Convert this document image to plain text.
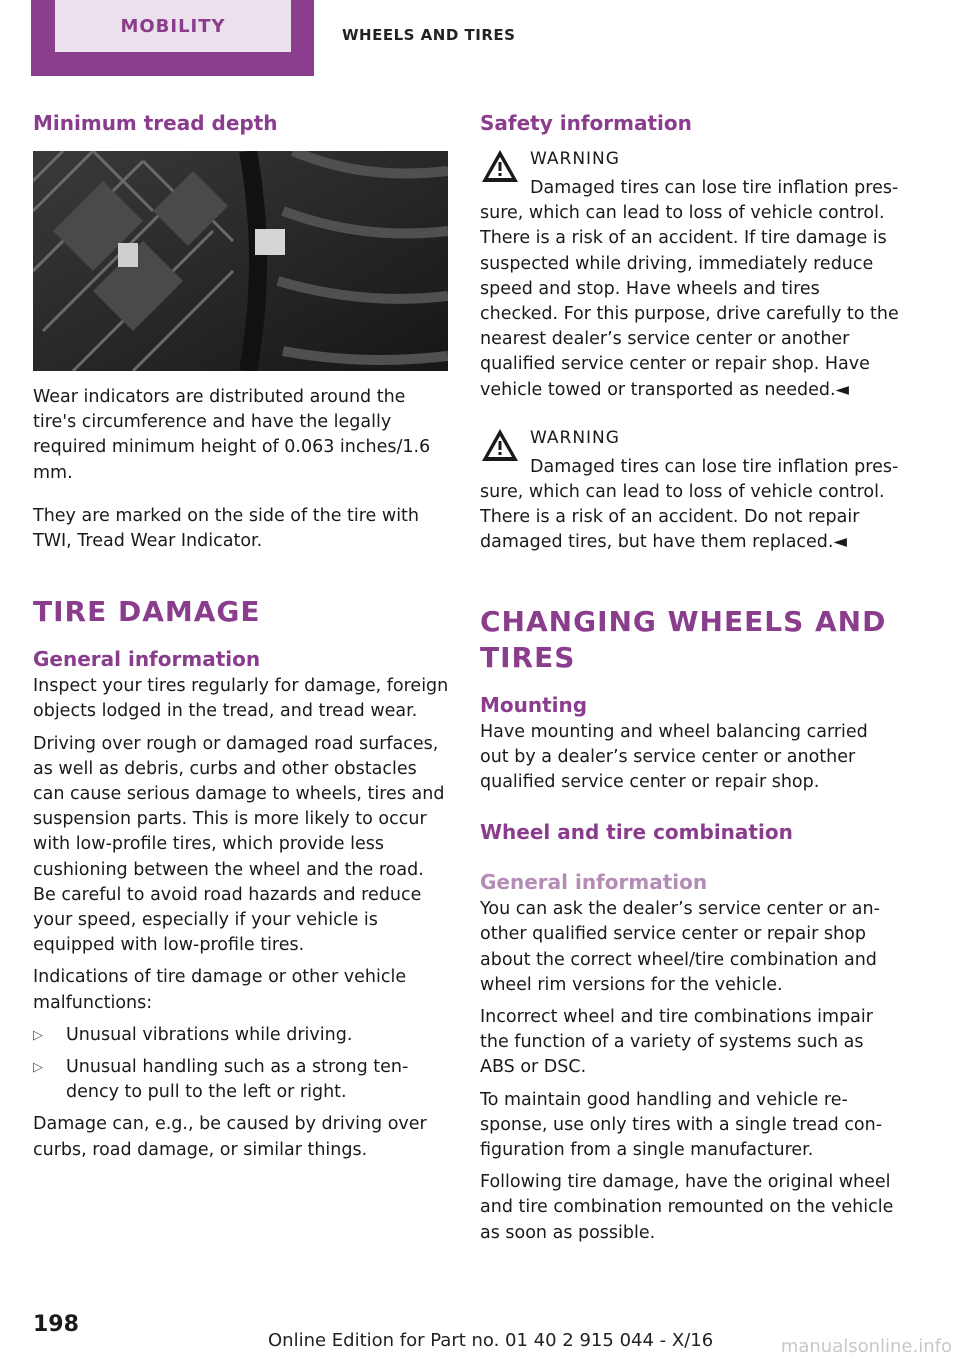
MOBILITY	WHEELS AND TIRES
Minimum tread depth

Wear indicators are distributed around the tire's circumference and have the legally required minimum height of 0.063 inches/1.6 mm.

They are marked on the side of the tire with TWI, Tread Wear Indicator.

TIRE DAMAGE
General information

Inspect your tires regularly for damage, foreign objects lodged in the tread, and tread wear.

Driving over rough or damaged road surfaces, as well as debris, curbs and other obstacles can cause serious damage to wheels, tires and suspension parts. This is more likely to occur with low-profile tires, which provide less cushioning between the wheel and the road. Be careful to avoid road hazards and reduce your speed, especially if your vehicle is equipped with low-profile tires.

Indications of tire damage or other vehicle malfunctions:

▷ Unusual vibrations while driving.
▷ Unusual handling such as a strong tendency to pull to the left or right.

Damage can, e.g., be caused by driving over curbs, road damage, or similar things.

Safety information
WARNING

Damaged tires can lose tire inflation pressure, which can lead to loss of vehicle control. There is a risk of an accident. If tire damage is suspected while driving, immediately reduce speed and stop. Have wheels and tires checked. For this purpose, drive carefully to the nearest dealer’s service center or another qualified service center or repair shop. Have vehicle towed or transported as needed.◄

WARNING

Damaged tires can lose tire inflation pressure, which can lead to loss of vehicle control. There is a risk of an accident. Do not repair damaged tires, but have them replaced.◄

CHANGING WHEELS AND TIRES
Mounting

Have mounting and wheel balancing carried out by a dealer’s service center or another qualified service center or repair shop.

Wheel and tire combination
General information

You can ask the dealer’s service center or another qualified service center or repair shop about the correct wheel/tire combination and wheel rim versions for the vehicle.

Incorrect wheel and tire combinations impair the function of a variety of systems such as ABS or DSC.

To maintain good handling and vehicle response, use only tires with a single tread configuration from a single manufacturer.

Following tire damage, have the original wheel and tire combination remounted on the vehicle as soon as possible.

198
Online Edition for Part no. 01 40 2 915 044 - X/16	manualsonline.info
